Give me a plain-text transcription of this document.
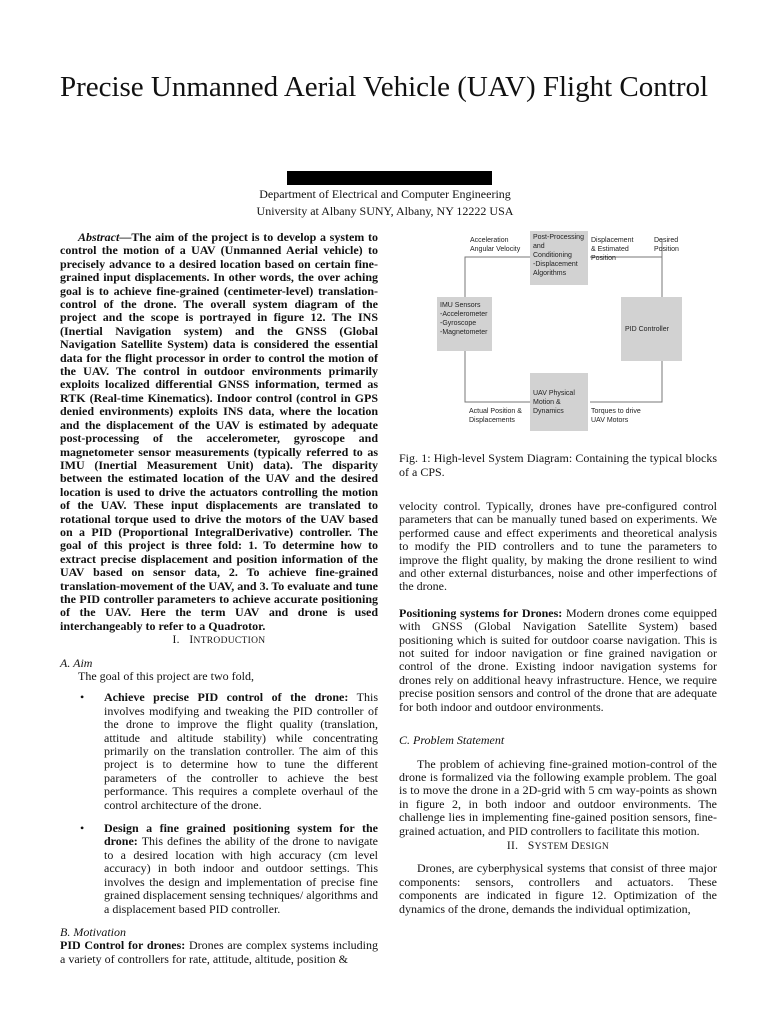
Precise Unmanned Aerial Vehicle (UAV) Flight Control
Department of Electrical and Computer Engineering
University at Albany SUNY, Albany, NY 12222 USA

Abstract—The aim of the project is to develop a system to control the motion of a UAV (Unmanned Aerial vehicle) to precisely advance to a desired location based on certain fine-grained input displacements. In other words, the over aching goal is to achieve fine-grained (centimeter-level) translation-control of the drone. The overall system diagram of the project and the scope is portrayed in figure 12. The INS (Inertial Navigation system) and the GNSS (Global Navigation Satellite System) data is considered the essential data for the flight processor in order to control the motion of the UAV. The control in outdoor environments primarily exploits localized differential GNSS information, termed as RTK (Real-time Kinematics). Indoor control (control in GPS denied environments) exploits INS data, where the location and the displacement of the UAV is estimated by adequate post-processing of the accelerometer, gyroscope and magnetometer sensor measurements (typically referred to as IMU (Inertial Measurement Unit) data). The disparity between the estimated location of the UAV and the desired location is used to drive the actuators controlling the motion of the UAV. These input displacements are translated to rotational torque used to drive the motors of the UAV based on a PID (Proportional IntegralDerivative) controller. The goal of this project is three fold: 1. To determine how to extract precise displacement and position information of the UAV based on sensor data, 2. To achieve fine-grained translation-movement of the UAV, and 3. To evaluate and tune the PID controller parameters to achieve accurate positioning of the UAV. Here the term UAV and drone is used interchangeably to refer to a Quadrotor.

I. INTRODUCTION

A. Aim

The goal of this project are two fold,

• Achieve precise PID control of the drone: This involves modifying and tweaking the PID controller of the drone to improve the flight quality (translation, attitude and altitude stability) while concentrating primarily on the translation controller. The aim of this project is to determine how to tune the different parameters of the controller to achieve the best performance. This requires a complete overhaul of the control architecture of the drone.
• Design a fine grained positioning system for the drone: This defines the ability of the drone to navigate to a desired location with high accuracy (cm level accuracy) in both indoor and outdoor settings. This involves the design and implementation of precise fine grained displacement sensing techniques/ algorithms and a displacement based PID controller.

B. Motivation

PID Control for drones: Drones are complex systems including a variety of controllers for rate, attitude, altitude, position &

Post-Processing and Conditioning -Displacement Algorithms
IMU Sensors -Accelerometer -Gyroscope -Magnetometer	PID Controller
UAV Physical Motion & Dynamics
Acceleration Angular Velocity
Displacement & Estimated Position
Desired Position
Actual Position & Displacements
Torques to drive UAV Motors
Fig. 1: High-level System Diagram: Containing the typical blocks of a CPS.

velocity control. Typically, drones have pre-configured control parameters that can be manually tuned based on experiments. We performed cause and effect experiments and theoretical analysis to modify the PID controllers and to tune the parameters to improve the flight quality, by making the drone resilient to wind and other external disturbances, noise and other imperfections of the drone.

Positioning systems for Drones: Modern drones come equipped with GNSS (Global Navigation Satellite System) based positioning which is suited for outdoor coarse navigation. This is not suited for indoor navigation or fine grained navigation or control of the drone. Existing indoor navigation systems for drones rely on additional heavy infrastructure. Hence, we require precise position sensors and control of the drone that are adequate for both indoor and outdoor environments.

C. Problem Statement

The problem of achieving fine-grained motion-control of the drone is formalized via the following example problem. The goal is to move the drone in a 2D-grid with 5 cm way-points as shown in figure 2, in both indoor and outdoor environments. The challenge lies in implementing fine-gained position sensors, fine-grained actuation, and PID controllers to facilitate this motion.

II. SYSTEM DESIGN

Drones, are cyberphysical systems that consist of three major components: sensors, controllers and actuators. These components are indicated in figure 12. Optimization of the dynamics of the drone, demands the individual optimization,
